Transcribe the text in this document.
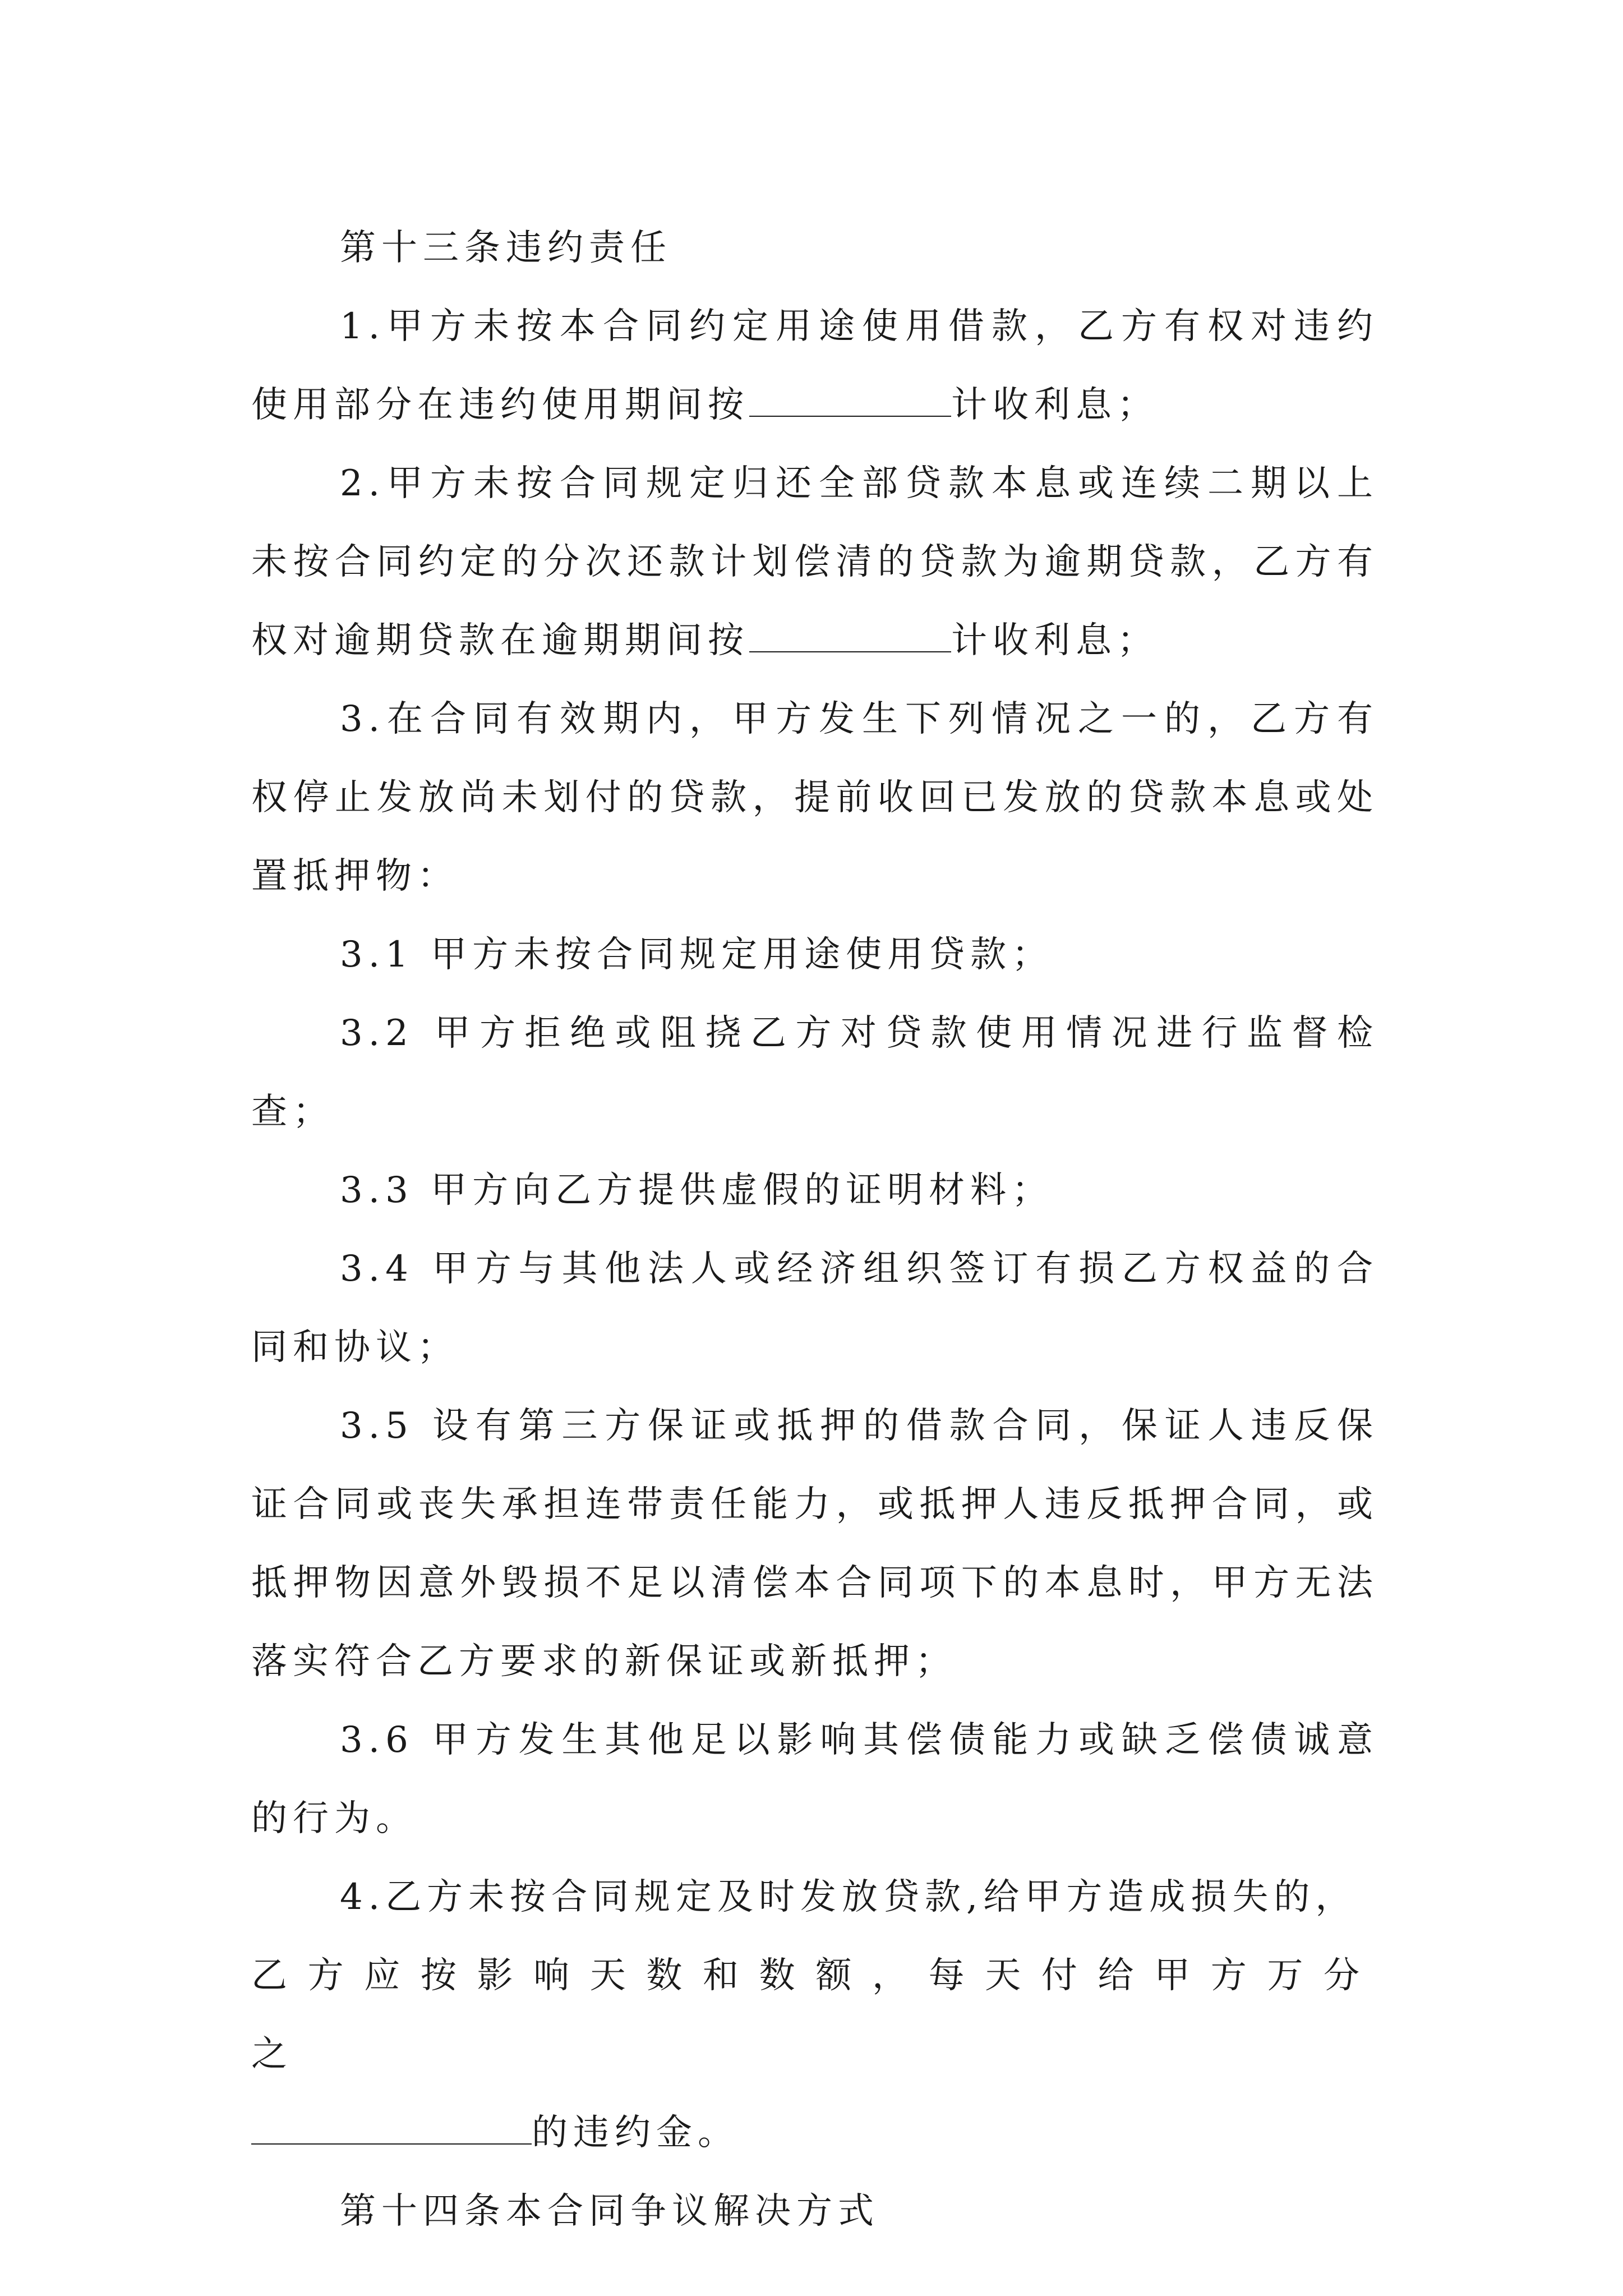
第十三条违约责任

1.甲方未按本合同约定用途使用借款，乙方有权对违约使用部分在违约使用期间按	计收利息；

2.甲方未按合同规定归还全部贷款本息或连续二期以上未按合同约定的分次还款计划偿清的贷款为逾期贷款，乙方有权对逾期贷款在逾期期间按	计收利息；

3.在合同有效期内，甲方发生下列情况之一的，乙方有权停止发放尚未划付的贷款，提前收回已发放的贷款本息或处置抵押物：

3.1 甲方未按合同规定用途使用贷款；

3.2 甲方拒绝或阻挠乙方对贷款使用情况进行监督检查；

3.3 甲方向乙方提供虚假的证明材料；

3.4 甲方与其他法人或经济组织签订有损乙方权益的合同和协议；

3.5 设有第三方保证或抵押的借款合同，保证人违反保证合同或丧失承担连带责任能力，或抵押人违反抵押合同，或抵押物因意外毁损不足以清偿本合同项下的本息时，甲方无法落实符合乙方要求的新保证或新抵押；

3.6 甲方发生其他足以影响其偿债能力或缺乏偿债诚意的行为。

4.乙方未按合同规定及时发放贷款,给甲方造成损失的，

乙方应按影响天数和数额，每天付给甲方万分之

的违约金。

第十四条本合同争议解决方式
